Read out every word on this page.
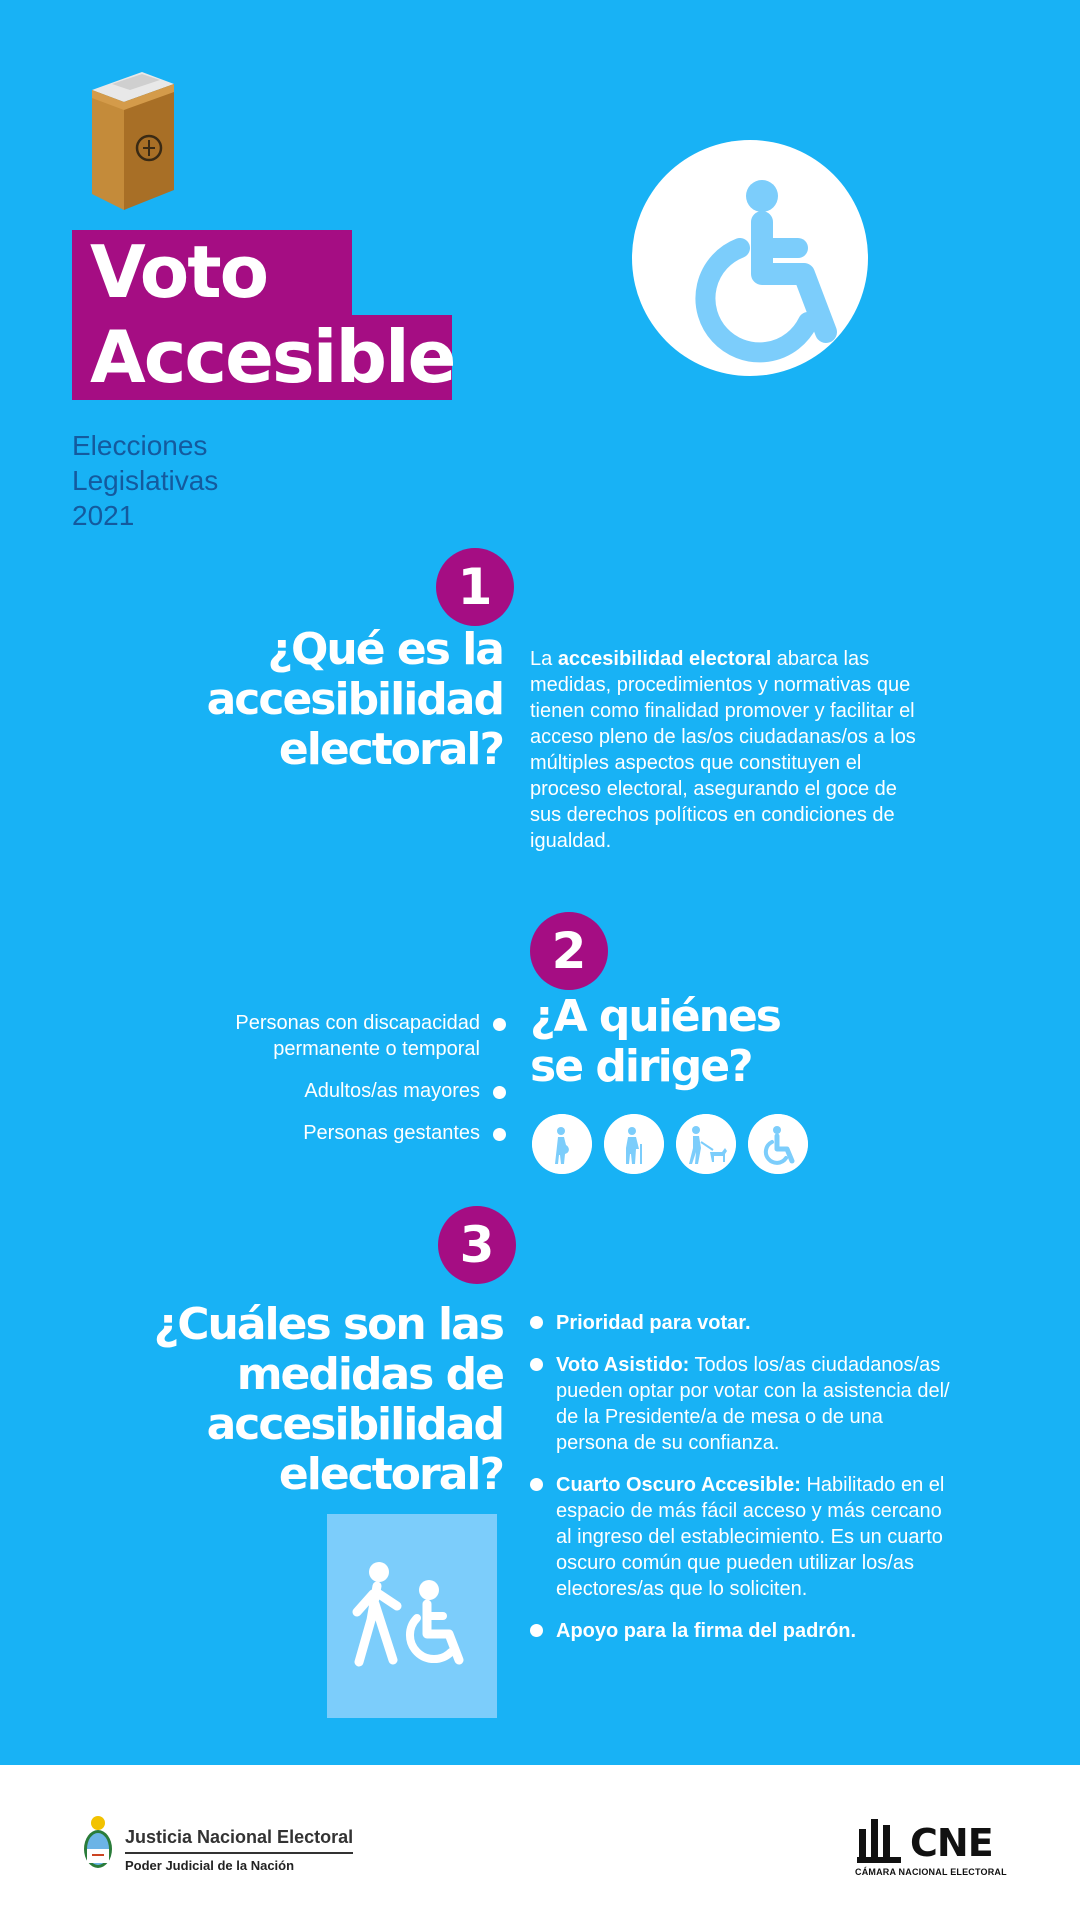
Voto
Accesible
Elecciones
Legislativas
2021
1
¿Qué es la
accesibilidad
electoral?
La accesibilidad electoral abarca las medidas, procedimientos y normativas que tienen como finalidad promover y facilitar el acceso pleno de las/os ciudadanas/os a los múltiples aspectos que constituyen el proceso electoral, asegurando el goce de sus derechos políticos en condiciones de igualdad.
2
¿A quiénes
se dirige?
Personas con discapacidad
permanente o temporal
Adultos/as mayores
Personas gestantes
3
¿Cuáles son las
medidas de
accesibilidad
electoral?
Prioridad para votar.
Voto Asistido: Todos los/as ciudadanos/as pueden optar por votar con la asistencia del/ de la Presidente/a de mesa o de una persona de su confianza.
Cuarto Oscuro Accesible: Habilitado en el espacio de más fácil acceso y más cercano al ingreso del establecimiento. Es un cuarto oscuro común que pueden utilizar los/as electores/as que lo soliciten.
Apoyo para la firma del padrón.
Justicia Nacional Electoral
Poder Judicial de la Nación
CNE
CÁMARA NACIONAL ELECTORAL
